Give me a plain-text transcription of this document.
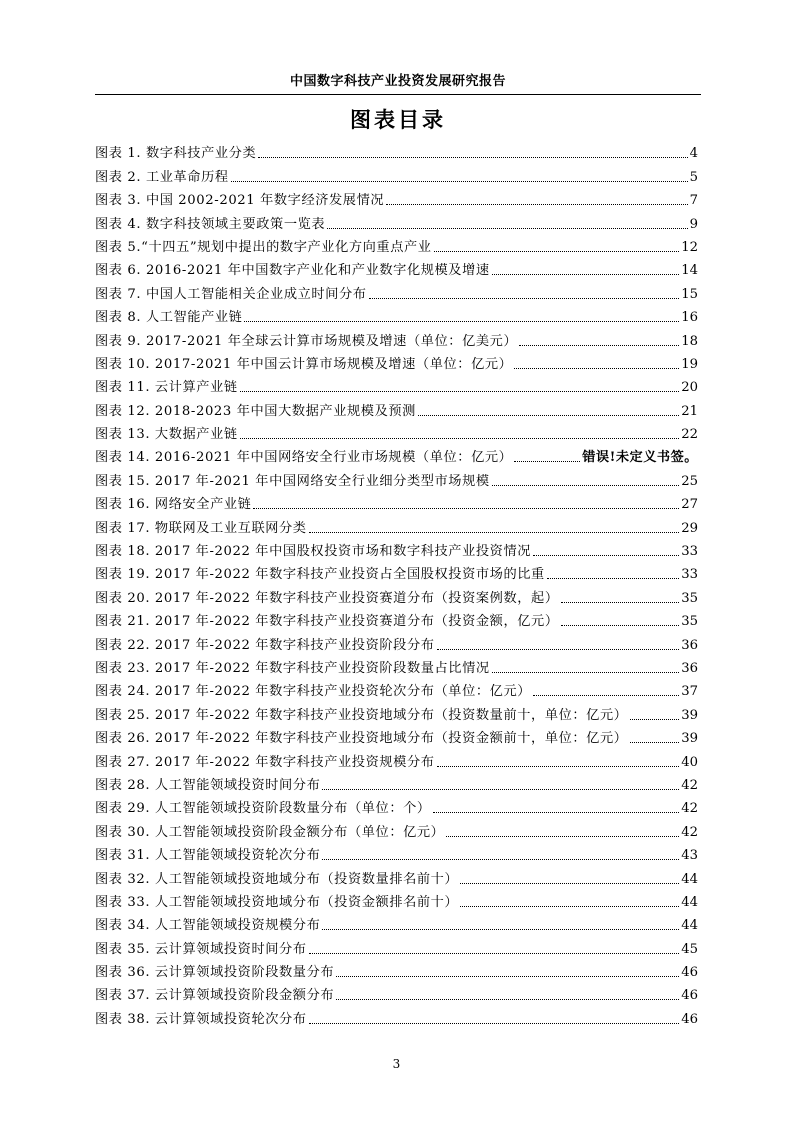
中国数字科技产业投资发展研究报告
图表目录
图表 1. 数字科技产业分类	4
图表 2. 工业革命历程	5
图表 3. 中国 2002-2021 年数字经济发展情况	7
图表 4. 数字科技领域主要政策一览表	9
图表 5.“十四五”规划中提出的数字产业化方向重点产业	12
图表 6. 2016-2021 年中国数字产业化和产业数字化规模及增速	14
图表 7. 中国人工智能相关企业成立时间分布	15
图表 8. 人工智能产业链	16
图表 9. 2017-2021 年全球云计算市场规模及增速（单位：亿美元）	18
图表 10. 2017-2021 年中国云计算市场规模及增速（单位：亿元）	19
图表 11. 云计算产业链	20
图表 12. 2018-2023 年中国大数据产业规模及预测	21
图表 13. 大数据产业链	22
图表 14. 2016-2021 年中国网络安全行业市场规模（单位：亿元）	错误!未定义书签。
图表 15. 2017 年-2021 年中国网络安全行业细分类型市场规模	25
图表 16. 网络安全产业链	27
图表 17. 物联网及工业互联网分类	29
图表 18. 2017 年-2022 年中国股权投资市场和数字科技产业投资情况	33
图表 19. 2017 年-2022 年数字科技产业投资占全国股权投资市场的比重	33
图表 20. 2017 年-2022 年数字科技产业投资赛道分布（投资案例数，起）	35
图表 21. 2017 年-2022 年数字科技产业投资赛道分布（投资金额，亿元）	35
图表 22. 2017 年-2022 年数字科技产业投资阶段分布	36
图表 23. 2017 年-2022 年数字科技产业投资阶段数量占比情况	36
图表 24. 2017 年-2022 年数字科技产业投资轮次分布（单位：亿元）	37
图表 25. 2017 年-2022 年数字科技产业投资地域分布（投资数量前十，单位：亿元）	39
图表 26. 2017 年-2022 年数字科技产业投资地域分布（投资金额前十，单位：亿元）	39
图表 27. 2017 年-2022 年数字科技产业投资规模分布	40
图表 28. 人工智能领域投资时间分布	42
图表 29. 人工智能领域投资阶段数量分布（单位：个）	42
图表 30. 人工智能领域投资阶段金额分布（单位：亿元）	42
图表 31. 人工智能领域投资轮次分布	43
图表 32. 人工智能领域投资地域分布（投资数量排名前十）	44
图表 33. 人工智能领域投资地域分布（投资金额排名前十）	44
图表 34. 人工智能领域投资规模分布	44
图表 35. 云计算领域投资时间分布	45
图表 36. 云计算领域投资阶段数量分布	46
图表 37. 云计算领域投资阶段金额分布	46
图表 38. 云计算领域投资轮次分布	46
3
